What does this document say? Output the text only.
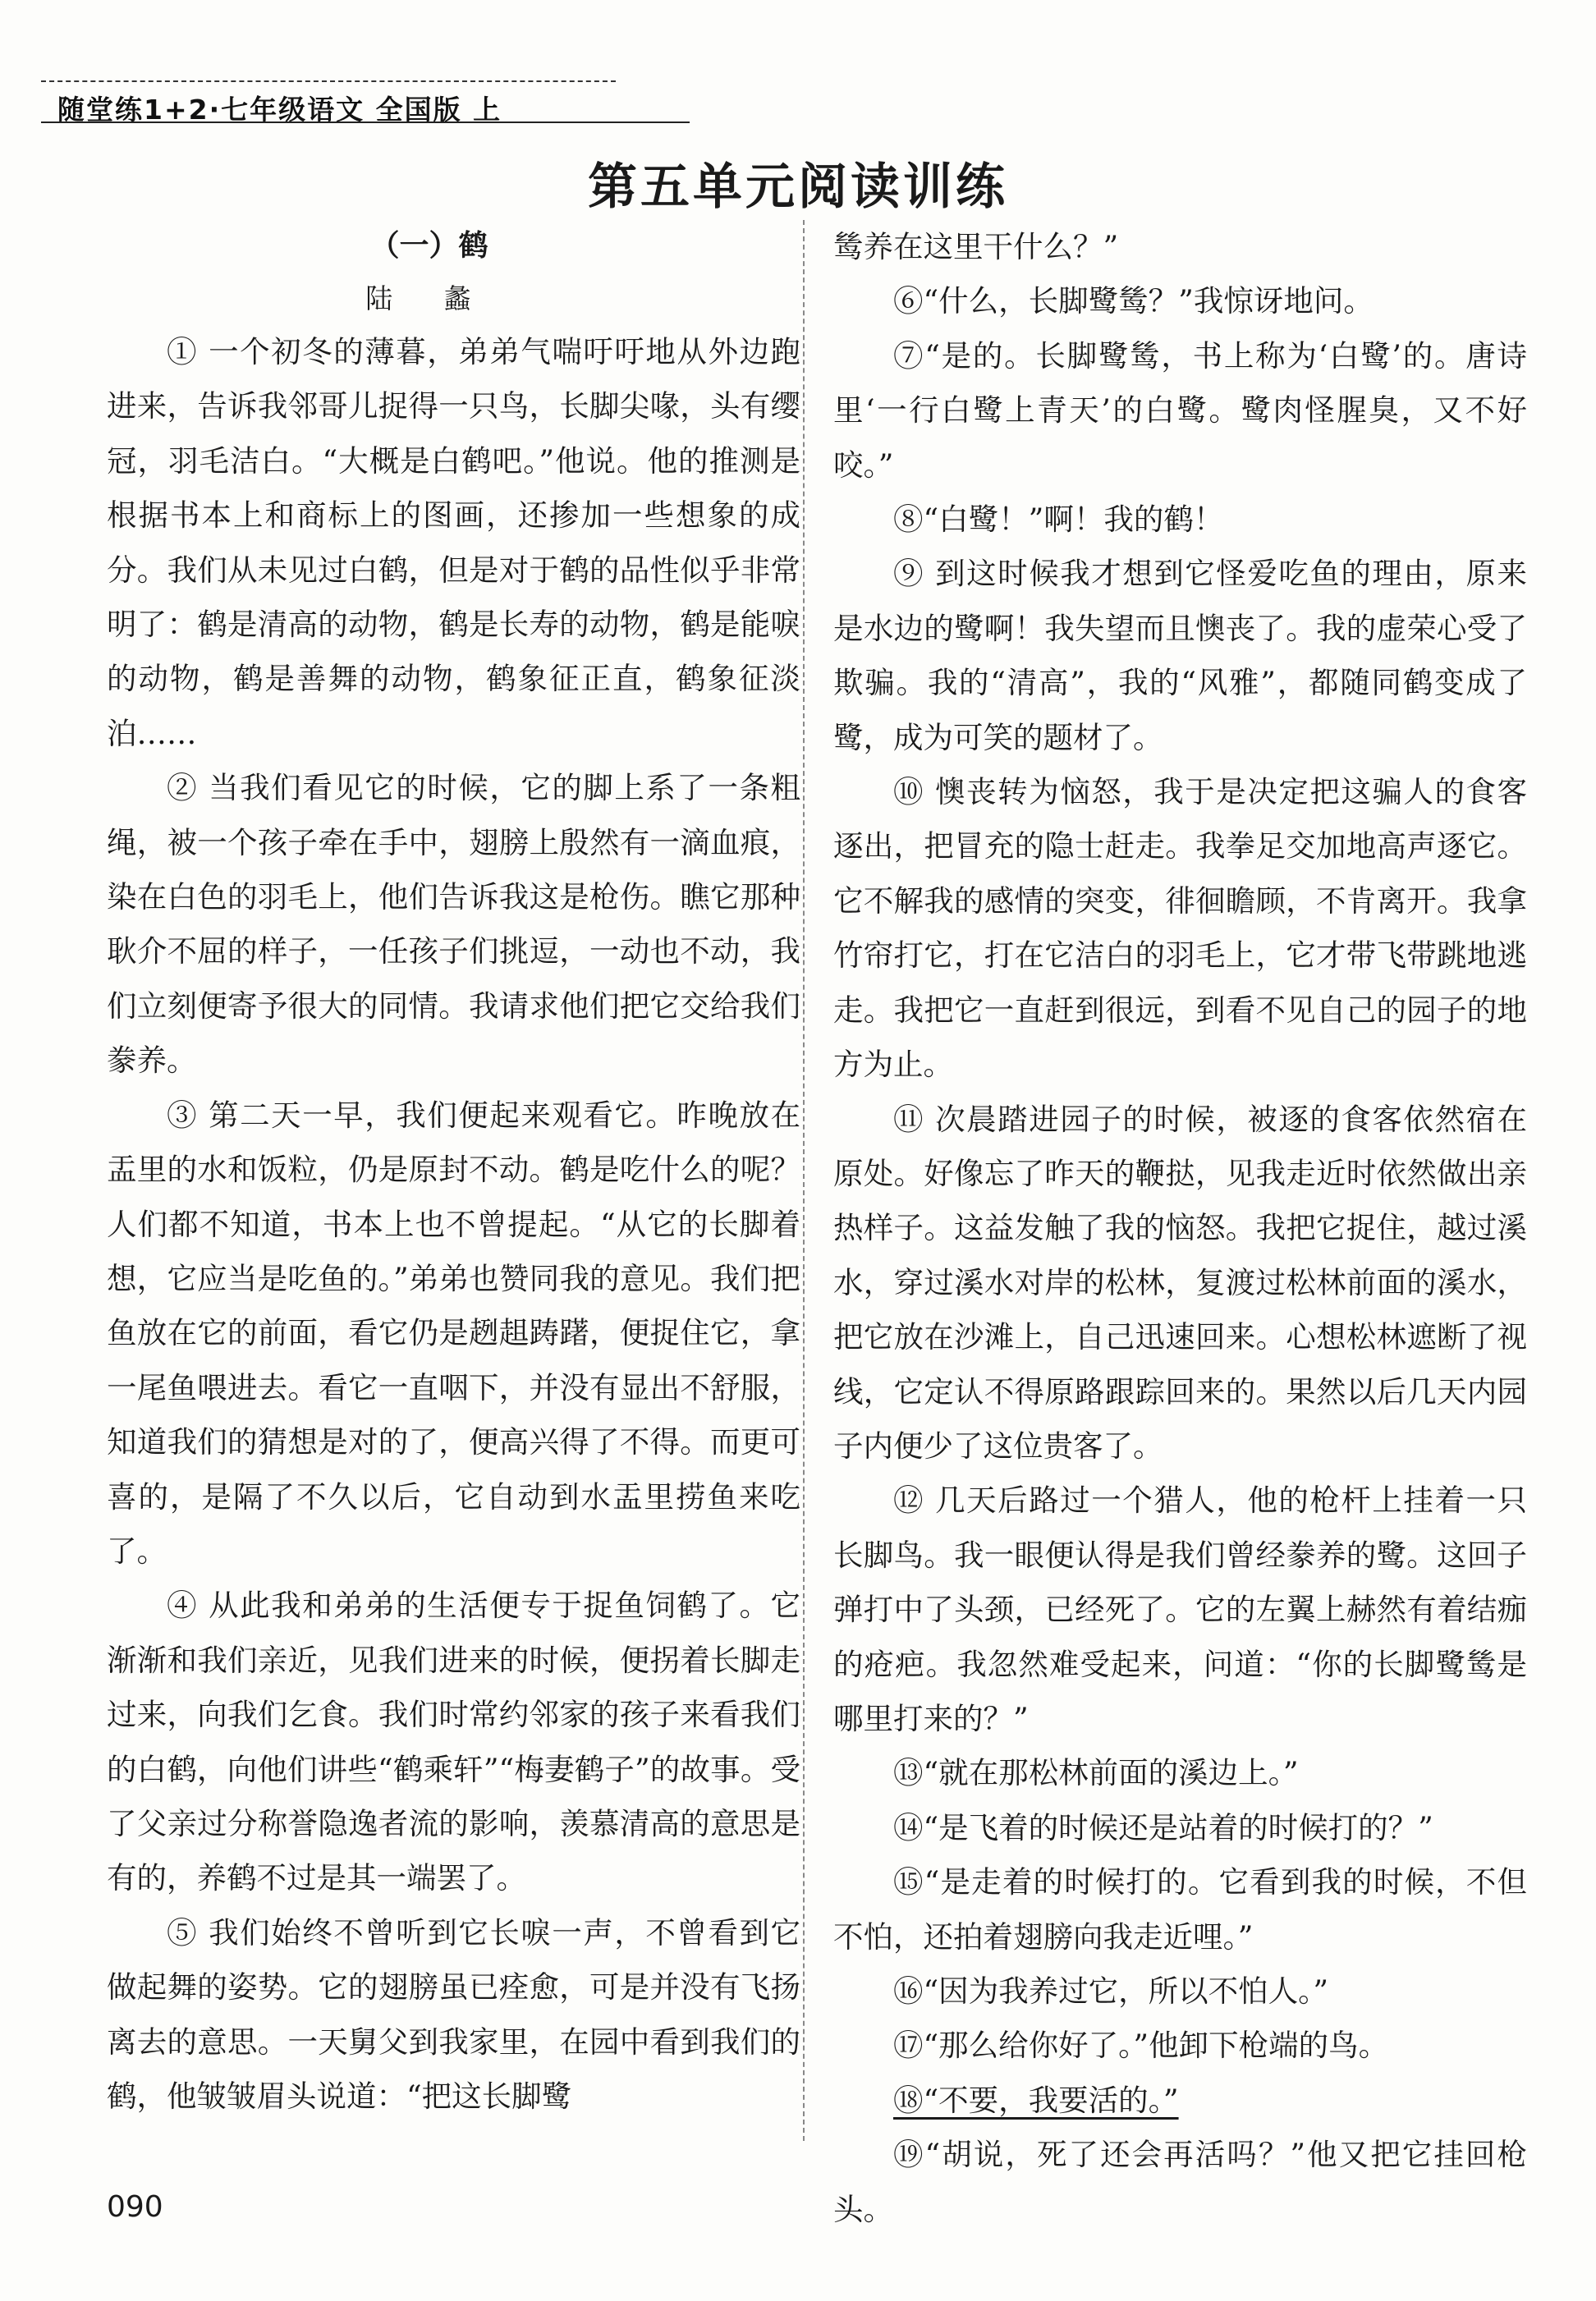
随堂练1+2·七年级语文 全国版 上
第五单元阅读训练
（一）鹤
陆 蠡

① 一个初冬的薄暮，弟弟气喘吁吁地从外边跑进来，告诉我邻哥儿捉得一只鸟，长脚尖喙，头有缨冠，羽毛洁白。“大概是白鹤吧。”他说。他的推测是根据书本上和商标上的图画，还掺加一些想象的成分。我们从未见过白鹤，但是对于鹤的品性似乎非常明了：鹤是清高的动物，鹤是长寿的动物，鹤是能唳的动物，鹤是善舞的动物，鹤象征正直，鹤象征淡泊……

② 当我们看见它的时候，它的脚上系了一条粗绳，被一个孩子牵在手中，翅膀上殷然有一滴血痕，染在白色的羽毛上，他们告诉我这是枪伤。瞧它那种耿介不屈的样子，一任孩子们挑逗，一动也不动，我们立刻便寄予很大的同情。我请求他们把它交给我们豢养。

③ 第二天一早，我们便起来观看它。昨晚放在盂里的水和饭粒，仍是原封不动。鹤是吃什么的呢？人们都不知道，书本上也不曾提起。“从它的长脚着想，它应当是吃鱼的。”弟弟也赞同我的意见。我们把鱼放在它的前面，看它仍是趔趄踌躇，便捉住它，拿一尾鱼喂进去。看它一直咽下，并没有显出不舒服，知道我们的猜想是对的了，便高兴得了不得。而更可喜的，是隔了不久以后，它自动到水盂里捞鱼来吃了。

④ 从此我和弟弟的生活便专于捉鱼饲鹤了。它渐渐和我们亲近，见我们进来的时候，便拐着长脚走过来，向我们乞食。我们时常约邻家的孩子来看我们的白鹤，向他们讲些“鹤乘轩”“梅妻鹤子”的故事。受了父亲过分称誉隐逸者流的影响，羡慕清高的意思是有的，养鹤不过是其一端罢了。

⑤ 我们始终不曾听到它长唳一声，不曾看到它做起舞的姿势。它的翅膀虽已痊愈，可是并没有飞扬离去的意思。一天舅父到我家里，在园中看到我们的鹤，他皱皱眉头说道：“把这长脚鹭

鸶养在这里干什么？”

⑥“什么，长脚鹭鸶？”我惊讶地问。

⑦“是的。长脚鹭鸶，书上称为‘白鹭’的。唐诗里‘一行白鹭上青天’的白鹭。鹭肉怪腥臭，又不好咬。”

⑧“白鹭！”啊！我的鹤！

⑨ 到这时候我才想到它怪爱吃鱼的理由，原来是水边的鹭啊！我失望而且懊丧了。我的虚荣心受了欺骗。我的“清高”，我的“风雅”，都随同鹤变成了鹭，成为可笑的题材了。

⑩ 懊丧转为恼怒，我于是决定把这骗人的食客逐出，把冒充的隐士赶走。我拳足交加地高声逐它。它不解我的感情的突变，徘徊瞻顾，不肯离开。我拿竹帘打它，打在它洁白的羽毛上，它才带飞带跳地逃走。我把它一直赶到很远，到看不见自己的园子的地方为止。

⑪ 次晨踏进园子的时候，被逐的食客依然宿在原处。好像忘了昨天的鞭挞，见我走近时依然做出亲热样子。这益发触了我的恼怒。我把它捉住，越过溪水，穿过溪水对岸的松林，复渡过松林前面的溪水，把它放在沙滩上，自己迅速回来。心想松林遮断了视线，它定认不得原路跟踪回来的。果然以后几天内园子内便少了这位贵客了。

⑫ 几天后路过一个猎人，他的枪杆上挂着一只长脚鸟。我一眼便认得是我们曾经豢养的鹭。这回子弹打中了头颈，已经死了。它的左翼上赫然有着结痂的疮疤。我忽然难受起来，问道：“你的长脚鹭鸶是哪里打来的？”

⑬“就在那松林前面的溪边上。”

⑭“是飞着的时候还是站着的时候打的？”

⑮“是走着的时候打的。它看到我的时候，不但不怕，还拍着翅膀向我走近哩。”

⑯“因为我养过它，所以不怕人。”

⑰“那么给你好了。”他卸下枪端的鸟。

⑱“不要，我要活的。”

⑲“胡说，死了还会再活吗？”他又把它挂回枪头。

090
